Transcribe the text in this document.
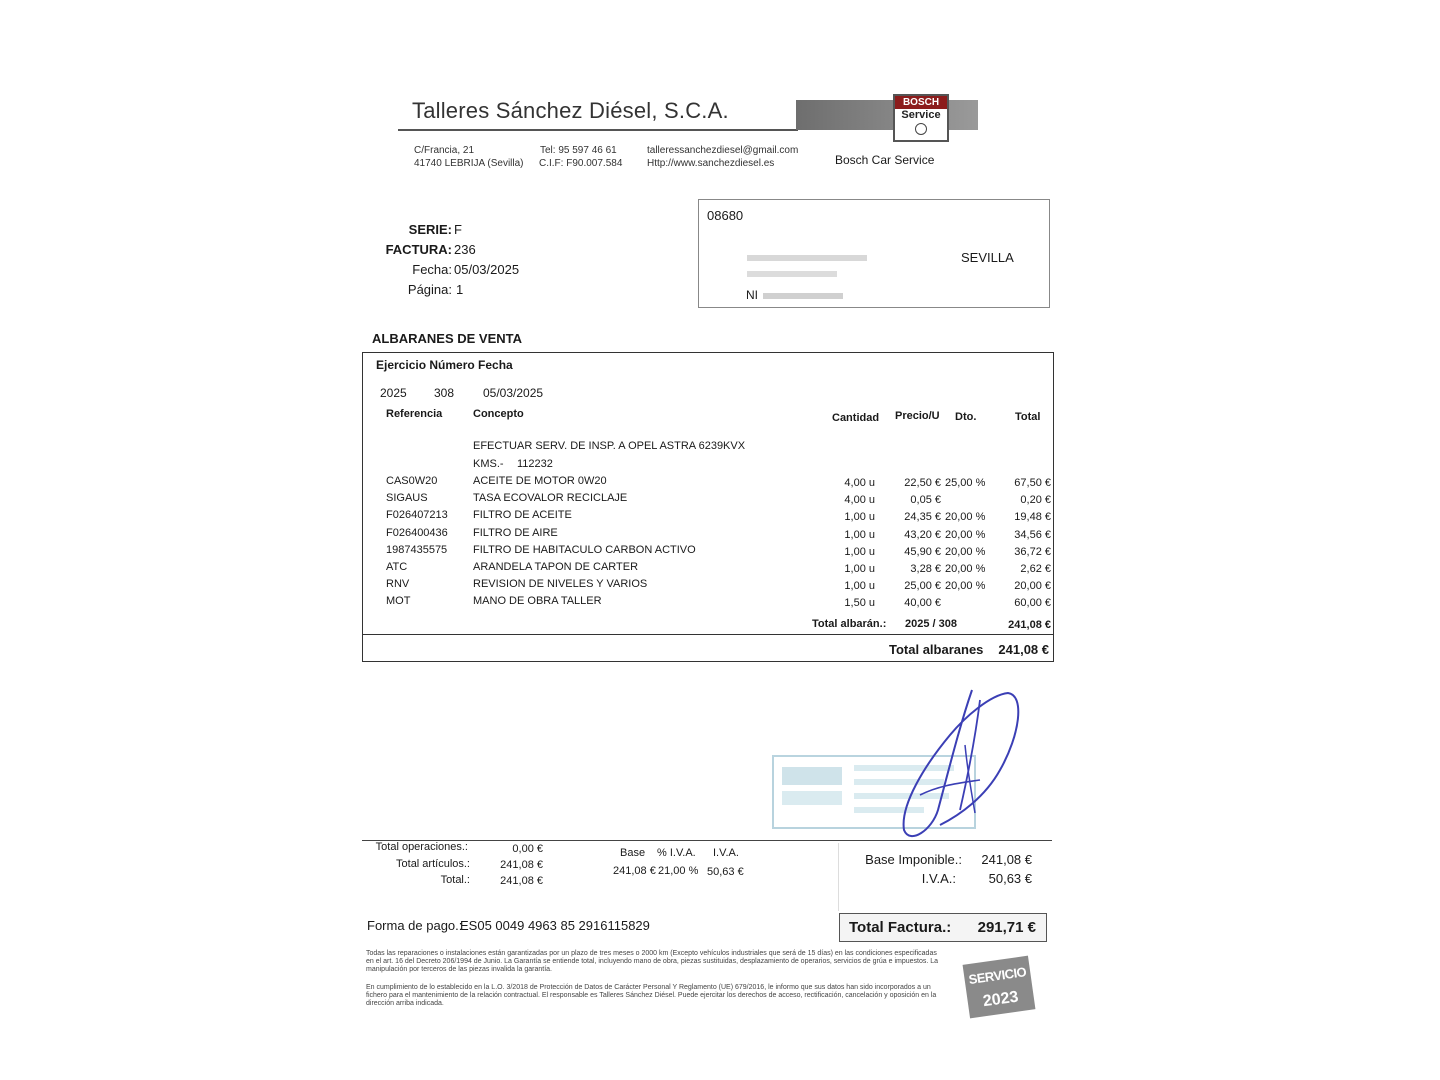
Talleres Sánchez Diésel, S.C.A.	BOSCH
Service
C/Francia, 21
41740 LEBRIJA (Sevilla)
Tel: 95 597 46 61
C.I.F: F90.007.584
talleressanchezdiesel@gmail.com
Http://www.sanchezdiesel.es	Bosch Car Service
SERIE: F
FACTURA: 236
Fecha: 05/03/2025
Página: 1
08680
SEVILLA
NI
ALBARANES DE VENTA
Ejercicio Número Fecha
2025 308 05/03/2025
Referencia	Concepto	Cantidad Precio/U Dto.	Total
EFECTUAR SERV. DE INSP. A OPEL ASTRA 6239KVX
KMS.- 112232
CAS0W20	ACEITE DE MOTOR 0W20	4,00 u	22,50 € 25,00 %	67,50 €
SIGAUS	TASA ECOVALOR RECICLAJE	4,00 u	0,05 €	0,20 €
F026407213	FILTRO DE ACEITE	1,00 u	24,35 € 20,00 %	19,48 €
F026400436	FILTRO DE AIRE	1,00 u	43,20 € 20,00 %	34,56 €
1987435575	FILTRO DE HABITACULO CARBON ACTIVO	1,00 u	45,90 € 20,00 %	36,72 €
ATC	ARANDELA TAPON DE CARTER	1,00 u	3,28 € 20,00 %	2,62 €
RNV	REVISION DE NIVELES Y VARIOS	1,00 u	25,00 € 20,00 %	20,00 €
MOT	MANO DE OBRA TALLER	1,50 u	40,00 €	60,00 €
Total albarán.: 2025 / 308	241,08 €
Total albaranes	241,08 €
Total operaciones.:	0,00 €
Total artículos.:	241,08 €
Total.:	241,08 €
Base % I.V.A. I.V.A.
241,08 € 21,00 % 50,63 €
Base Imponible.:	241,08 €
I.V.A.:	50,63 €
Forma de pago.:
ES05 0049 4963 85 2916115829	Total Factura.:	291,71 €
Todas las reparaciones o instalaciones están garantizadas por un plazo de tres meses o 2000 km (Excepto vehículos industriales que será de 15 días) en las condiciones especificadas en el art. 16 del Decreto 206/1994 de Junio. La Garantía se entiende total, incluyendo mano de obra, piezas sustituidas, desplazamiento de operarios, servicios de grúa e impuestos. La manipulación por terceros de las piezas invalida la garantía.
En cumplimiento de lo establecido en la L.O. 3/2018 de Protección de Datos de Carácter Personal Y Reglamento (UE) 679/2016, le informo que sus datos han sido incorporados a un fichero para el mantenimiento de la relación contractual. El responsable es Talleres Sánchez Diésel. Puede ejercitar los derechos de acceso, rectificación, cancelación y oposición en la dirección arriba indicada.
SERVICIO
2023
